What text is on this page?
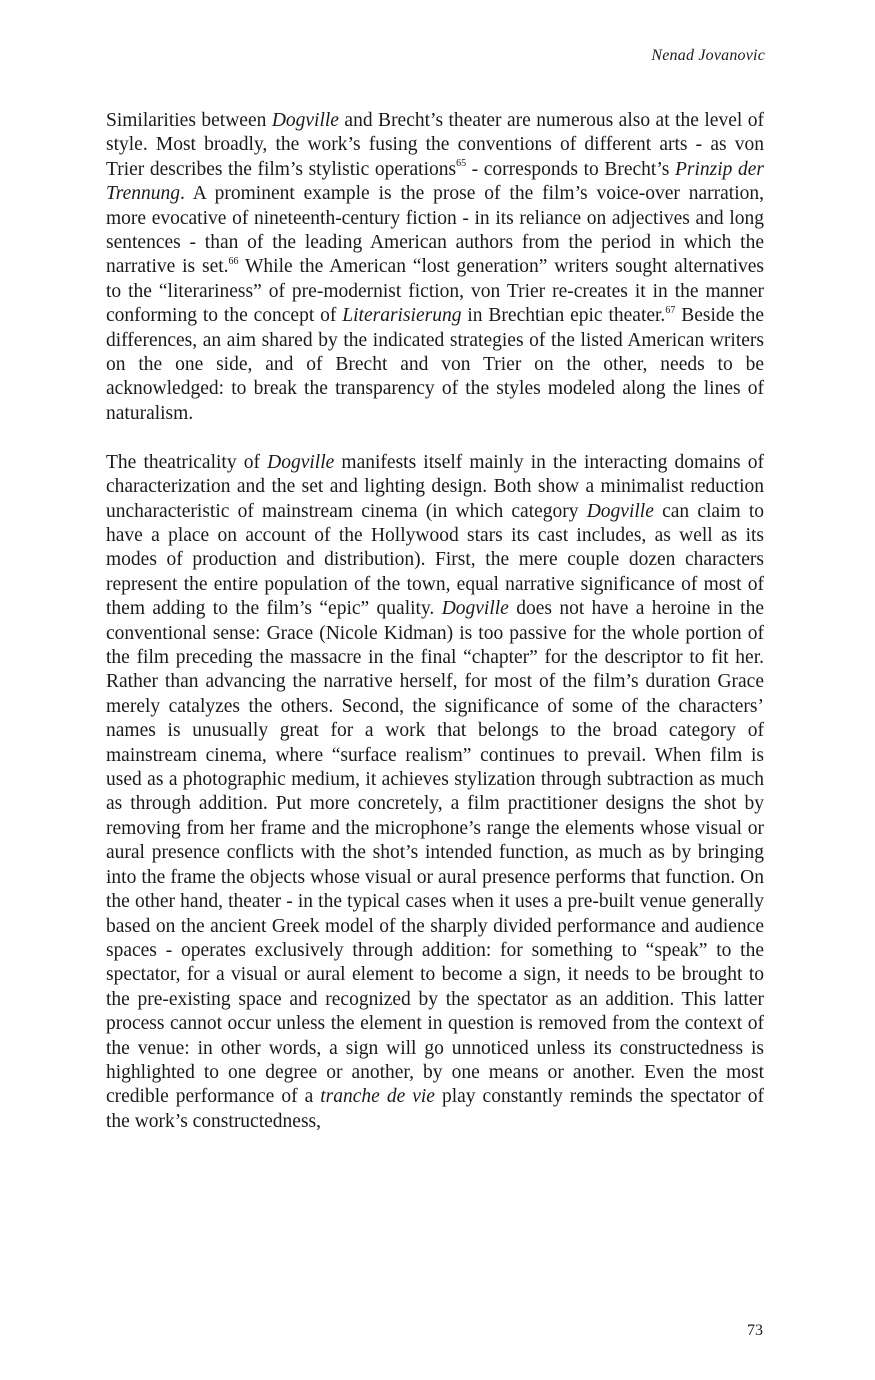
Nenad Jovanovic

Similarities between Dogville and Brecht’s theater are numerous also at the level of style. Most broadly, the work’s fusing the conventions of different arts - as von Trier describes the film’s stylistic operations$^{65}$ - corresponds to Brecht’s Prinzip der Trennung. A prominent example is the prose of the film’s voice-over narration, more evocative of nineteenth-century fiction - in its reliance on adjectives and long sentences - than of the leading American authors from the period in which the narrative is set.$^{66}$ While the American “lost generation” writers sought alternatives to the “literariness” of pre-modernist fiction, von Trier re-creates it in the manner conforming to the concept of Literarisierung in Brechtian epic theater.$^{67}$ Beside the differences, an aim shared by the indicated strategies of the listed American writers on the one side, and of Brecht and von Trier on the other, needs to be acknowledged: to break the transparency of the styles modeled along the lines of naturalism.

The theatricality of Dogville manifests itself mainly in the interacting domains of characterization and the set and lighting design. Both show a minimalist reduction uncharacteristic of mainstream cinema (in which category Dogville can claim to have a place on account of the Hollywood stars its cast includes, as well as its modes of production and distribution). First, the mere couple dozen characters represent the entire population of the town, equal narrative significance of most of them adding to the film’s “epic” quality. Dogville does not have a heroine in the conventional sense: Grace (Nicole Kidman) is too passive for the whole portion of the film preceding the massacre in the final “chapter” for the descriptor to fit her. Rather than advancing the narrative herself, for most of the film’s duration Grace merely catalyzes the others. Second, the significance of some of the characters’ names is unusually great for a work that belongs to the broad category of mainstream cinema, where “surface realism” continues to prevail. When film is used as a photographic medium, it achieves stylization through subtraction as much as through addition. Put more concretely, a film practitioner designs the shot by removing from her frame and the microphone’s range the elements whose visual or aural presence conflicts with the shot’s intended function, as much as by bringing into the frame the objects whose visual or aural presence performs that function. On the other hand, theater - in the typical cases when it uses a pre-built venue generally based on the ancient Greek model of the sharply divided performance and audience spaces - operates exclusively through addition: for something to “speak” to the spectator, for a visual or aural element to become a sign, it needs to be brought to the pre-existing space and recognized by the spectator as an addition. This latter process cannot occur unless the element in question is removed from the context of the venue: in other words, a sign will go unnoticed unless its constructedness is highlighted to one degree or another, by one means or another. Even the most credible performance of a tranche de vie play constantly reminds the spectator of the work’s constructedness,

73
